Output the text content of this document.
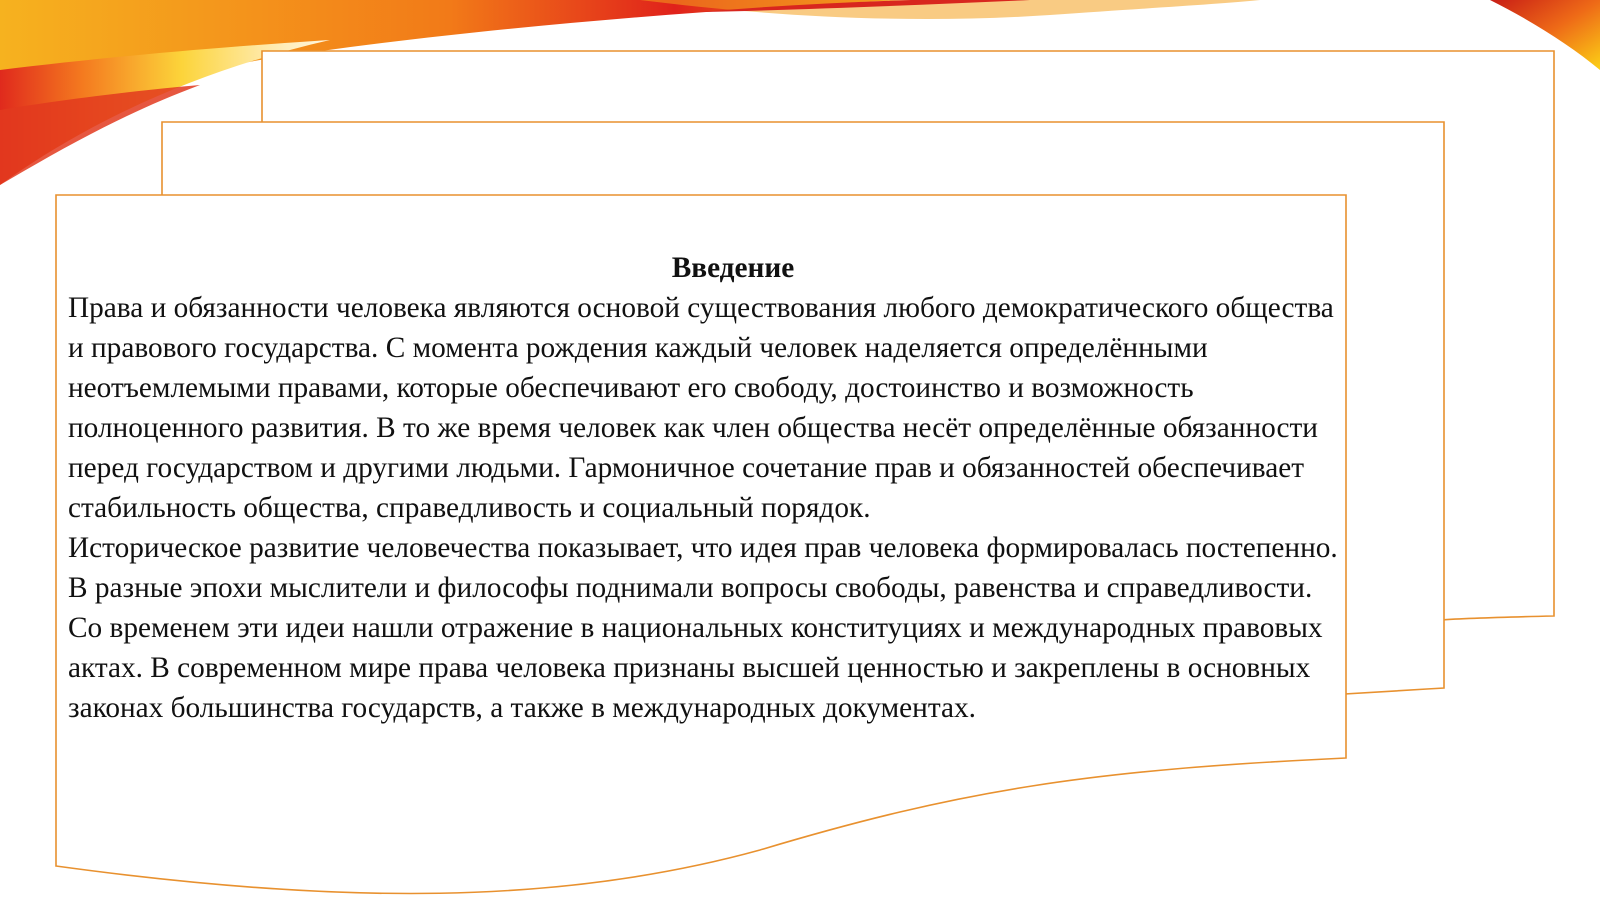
Введение

Права и обязанности человека являются основой существования любого демократического общества и правового государства. С момента рождения каждый человек наделяется определёнными неотъемлемыми правами, которые обеспечивают его свободу, достоинство и возможность полноценного развития. В то же время человек как член общества несёт определённые обязанности перед государством и другими людьми. Гармоничное сочетание прав и обязанностей обеспечивает стабильность общества, справедливость и социальный порядок.

Историческое развитие человечества показывает, что идея прав человека формировалась постепенно. В разные эпохи мыслители и философы поднимали вопросы свободы, равенства и справедливости. Со временем эти идеи нашли отражение в национальных конституциях и международных правовых актах. В современном мире права человека признаны высшей ценностью и закреплены в основных законах большинства государств, а также в международных документах.
